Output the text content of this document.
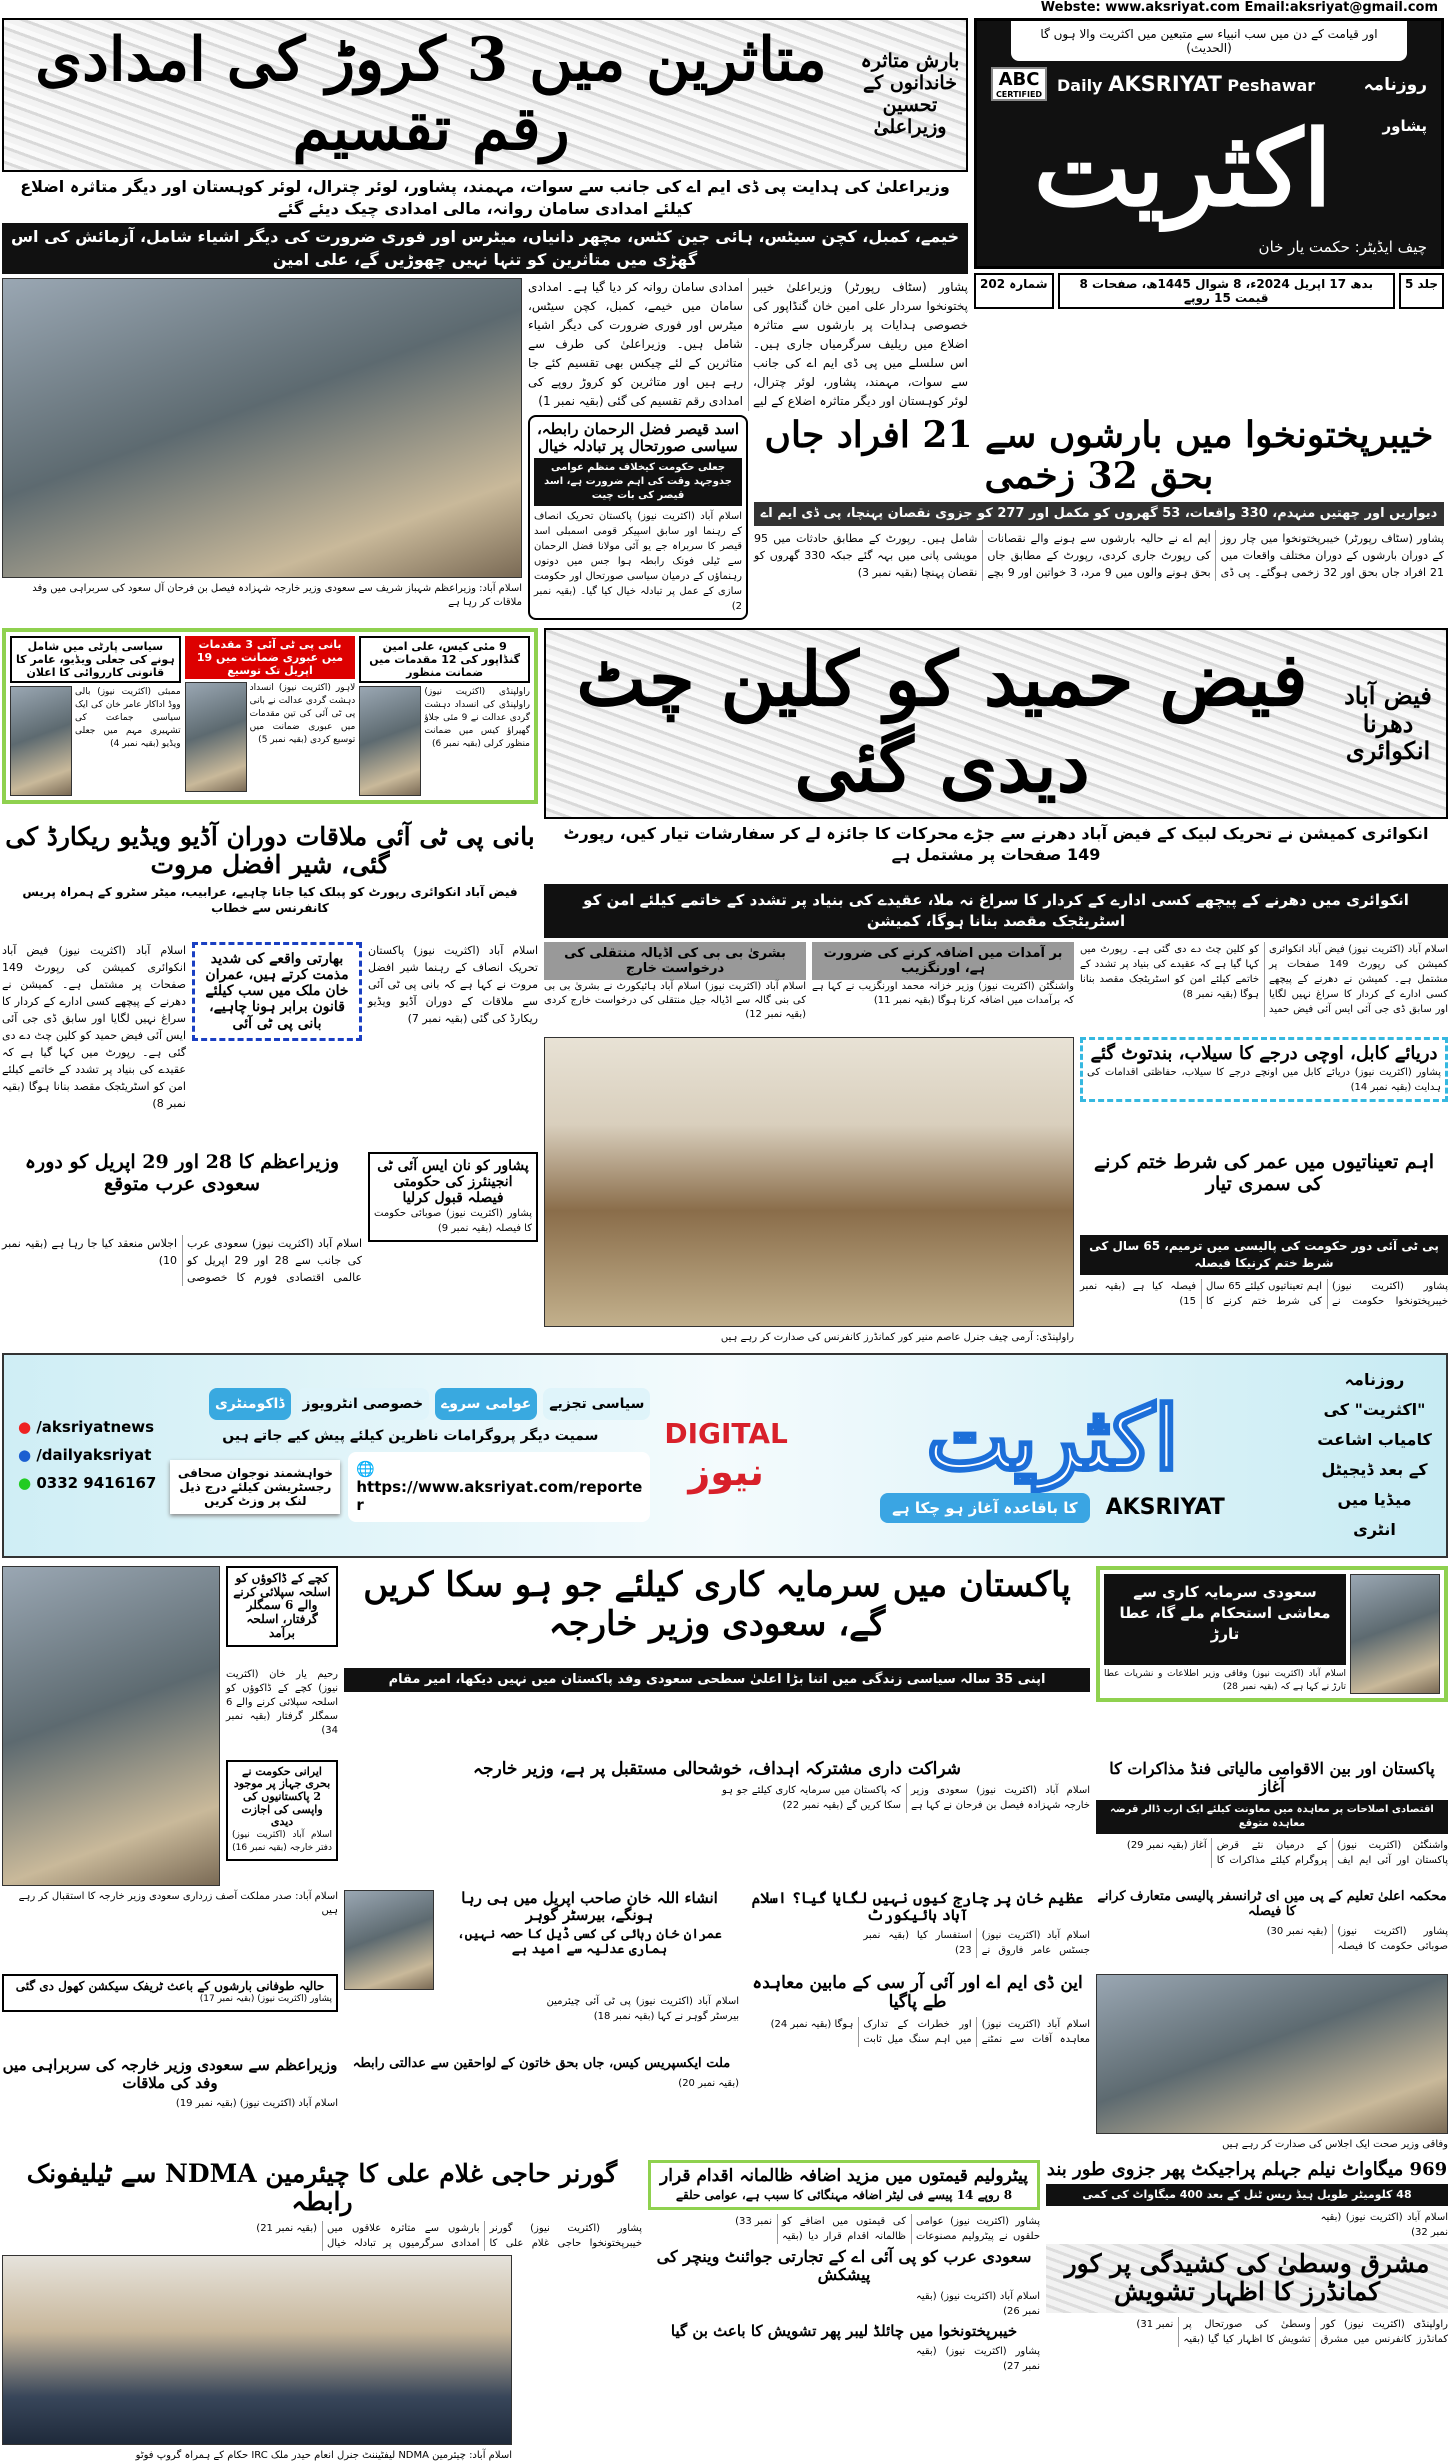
Webste: www.aksriyat.com Email:aksriyat@gmail.com
بارش متاثرہ خاندانوں کے تحسین وزیراعلیٰ
متاثرین میں 3 کروڑ کی امدادی رقم تقسیم
وزیراعلیٰ کی ہدایت پی ڈی ایم اے کی جانب سے سوات، مہمند، پشاور، لوئر چترال، لوئر کوہستان اور دیگر متاثرہ اضلاع کیلئے امدادی سامان روانہ، مالی امدادی چیک دیئے گئے
خیمے، کمبل، کچن سیٹس، ہائی جین کٹس، مچھر دانیاں، میٹرس اور فوری ضرورت کی دیگر اشیاء شامل، آزمائش کی اس گھڑی میں متاثرین کو تنہا نہیں چھوڑیں گے، علی امین
اور قیامت کے دن میں سب انبیاء سے متبعین میں اکثریت والا ہوں گا (الحدیث)
ABC
CERTIFIED Daily AKSRIYAT Peshawar	روزنامہ
پشاور
اکثریت
چیف ایڈیٹر: حکمت یار خان
جلد 5
بدھ 17 اپریل 2024ء، 8 شوال 1445ھ، صفحات 8 قیمت 15 روپے
شمارہ 202
اسلام آباد: وزیراعظم شہباز شریف سے سعودی وزیر خارجہ شہزادہ فیصل بن فرحان آل سعود کی سربراہی میں وفد ملاقات کر رہا ہے
پشاور (سٹاف رپورٹر) وزیراعلیٰ خیبر پختونخوا سردار علی امین خان گنڈاپور کی خصوصی ہدایات پر بارشوں سے متاثرہ اضلاع میں ریلیف سرگرمیاں جاری ہیں۔ اس سلسلے میں پی ڈی ایم اے کی جانب سے سوات، مہمند، پشاور، لوئر چترال، لوئر کوہستان اور دیگر متاثرہ اضلاع کے لیے امدادی سامان روانہ کر دیا گیا ہے۔ امدادی سامان میں خیمے، کمبل، کچن سیٹس، میٹرس اور فوری ضرورت کی دیگر اشیاء شامل ہیں۔ وزیراعلیٰ کی طرف سے متاثرین کے لئے چیکس بھی تقسیم کئے جا رہے ہیں اور متاثرین کو کروڑ روپے کی امدادی رقم تقسیم کی گئی (بقیہ نمبر 1)
اسد قیصر فضل الرحمان رابطہ، سیاسی صورتحال پر تبادلہ خیال
جعلی حکومت کیخلاف منظم عوامی جدوجہد وقت کی اہم ضرورت ہے، اسد قیصر کی بات چیت
اسلام آباد (اکثریت نیوز) پاکستان تحریک انصاف کے رہنما اور سابق اسپیکر قومی اسمبلی اسد قیصر کا سربراہ جے یو آئی مولانا فضل الرحمان سے ٹیلی فونک رابطہ ہوا جس میں دونوں رہنماؤں کے درمیان سیاسی صورتحال اور حکومت سازی کے عمل پر تبادلہ خیال کیا گیا۔ (بقیہ نمبر 2)
خیبرپختونخوا میں بارشوں سے 21 افراد جاں بحق 32 زخمی
دیواریں اور چھتیں منہدم، 330 واقعات، 53 گھروں کو مکمل اور 277 کو جزوی نقصان پہنچا، پی ڈی ایم اے
پشاور (سٹاف رپورٹر) خیبرپختونخوا میں چار روز کے دوران بارشوں کے دوران مختلف واقعات میں 21 افراد جاں بحق اور 32 زخمی ہوگئے۔ پی ڈی ایم اے نے حالیہ بارشوں سے ہونے والے نقصانات کی رپورٹ جاری کردی، رپورٹ کے مطابق جاں بحق ہونے والوں میں 9 مرد، 3 خواتین اور 9 بچے شامل ہیں۔ رپورٹ کے مطابق حادثات میں 95 مویشی پانی میں بہہ گئے جبکہ 330 گھروں کو نقصان پہنچا (بقیہ نمبر 3)
9 مئی کیس، علی امین گنڈاپور کی 12 مقدمات میں ضمانت منظور
راولپنڈی (اکثریت نیوز) راولپنڈی کی انسداد دہشت گردی عدالت نے 9 مئی جلاؤ گھیراؤ کیس میں ضمانت منظور کرلی (بقیہ نمبر 6)
بانی پی ٹی آئی 3 مقدمات میں عبوری ضمانت میں 19 اپریل تک توسیع
لاہور (اکثریت نیوز) انسداد دہشت گردی عدالت نے بانی پی ٹی آئی کی تین مقدمات میں عبوری ضمانت میں توسیع کردی (بقیہ نمبر 5)
سیاسی پارٹی میں شامل ہونے کی جعلی ویڈیو، عامر کا قانونی کارروائی کا اعلان
ممبئی (اکثریت نیوز) بالی ووڈ اداکار عامر خان کی ایک سیاسی جماعت کی تشہیری مہم میں جعلی ویڈیو (بقیہ نمبر 4)
فیض آباد دھرنا انکوائری
فیض حمید کو کلین چٹ دیدی گئی
بانی پی ٹی آئی ملاقات دوران آڈیو ویڈیو ریکارڈ کی گئی، شیر افضل مروت
انکوائری کمیشن نے تحریک لبیک کے فیض آباد دھرنے سے جڑے محرکات کا جائزہ لے کر سفارشات تیار کیں، رپورٹ 149 صفحات پر مشتمل ہے
فیض آباد انکوائری رپورٹ کو پبلک کیا جانا چاہیے، عرابیب، میٹر سٹرو کے ہمراہ پریس کانفرنس سے خطاب	انکوائری میں دھرنے کے پیچھے کسی ادارے کے کردار کا سراغ نہ ملا، عقیدے کی بنیاد پر تشدد کے خاتمے کیلئے امن کو اسٹریٹجک مقصد بنانا ہوگا، کمیشن
اسلام آباد (اکثریت نیوز) فیض آباد انکوائری کمیشن کی رپورٹ 149 صفحات پر مشتمل ہے۔ کمیشن نے دھرنے کے پیچھے کسی ادارے کے کردار کا سراغ نہیں لگایا اور سابق ڈی جی آئی ایس آئی فیض حمید کو کلین چٹ دے دی گئی ہے۔ رپورٹ میں کہا گیا ہے کہ عقیدے کی بنیاد پر تشدد کے خاتمے کیلئے امن کو اسٹریٹجک مقصد بنانا ہوگا (بقیہ نمبر 8)
بھارتی واقعے کی شدید مذمت کرتے ہیں، عمران خان ملک میں سب کیلئے قانون برابر ہونا چاہیے، بانی پی ٹی آئی
اسلام آباد (اکثریت نیوز) پاکستان تحریک انصاف کے رہنما شیر افضل مروت نے کہا ہے کہ بانی پی ٹی آئی سے ملاقات کے دوران آڈیو ویڈیو ریکارڈ کی گئی (بقیہ نمبر 7)
بشریٰ بی بی کی اڈیالہ منتقلی کی درخواست خارج
اسلام آباد (اکثریت نیوز) اسلام آباد ہائیکورٹ نے بشریٰ بی بی کی بنی گالہ سے اڈیالہ جیل منتقلی کی درخواست خارج کردی (بقیہ نمبر 12)
بر آمدات میں اضافہ کرنے کی ضرورت ہے، اورنگزیب
واشنگٹن (اکثریت نیوز) وزیر خزانہ محمد اورنگزیب نے کہا ہے کہ برآمدات میں اضافہ کرنا ہوگا (بقیہ نمبر 11)
اسلام آباد (اکثریت نیوز) فیض آباد انکوائری کمیشن کی رپورٹ 149 صفحات پر مشتمل ہے۔ کمیشن نے دھرنے کے پیچھے کسی ادارے کے کردار کا سراغ نہیں لگایا اور سابق ڈی جی آئی ایس آئی فیض حمید کو کلین چٹ دے دی گئی ہے۔ رپورٹ میں کہا گیا ہے کہ عقیدے کی بنیاد پر تشدد کے خاتمے کیلئے امن کو اسٹریٹجک مقصد بنانا ہوگا (بقیہ نمبر 8)
راولپنڈی: آرمی چیف جنرل عاصم منیر کور کمانڈرز کانفرنس کی صدارت کر رہے ہیں
دریائے کابل، اوچی درجے کا سیلاب، بندتوٹ گئے
پشاور (اکثریت نیوز) دریائے کابل میں اونچے درجے کا سیلاب، حفاظتی اقدامات کی ہدایت (بقیہ نمبر 14)
وزیراعظم کا 28 اور 29 اپریل کو دورہ سعودی عرب متوقع
اسلام آباد (اکثریت نیوز) سعودی عرب کی جانب سے 28 اور 29 اپریل کو عالمی اقتصادی فورم کا خصوصی اجلاس منعقد کیا جا رہا ہے (بقیہ نمبر 10)
پشاور کو نان ایس آئی ٹی انجینئرز کی حکومتی فیصلہ قبول کرلیا
پشاور (اکثریت نیوز) صوبائی حکومت کا فیصلہ (بقیہ نمبر 9)
اہم تعیناتیوں میں عمر کی شرط ختم کرنے کی سمری تیار
پی ٹی آئی دور حکومت کی پالیسی میں ترمیم، 65 سال کی شرط ختم کرنیکا فیصلہ
پشاور (اکثریت نیوز) خیبرپختونخوا حکومت نے اہم تعیناتیوں کیلئے 65 سال کی شرط ختم کرنے کا فیصلہ کیا ہے (بقیہ نمبر 15)
● /aksriyatnews
● /dailyaksriyat
● 0332 9416167
سیاسی تجزیے
عوامی سروے
خصوصی انٹرویوز
ڈاکومنٹری
سمیت دیگر پروگرامات ناظرین کیلئے پیش کیے جاتے ہیں
خواہشمند نوجوان صحافی رجسٹریشن کیلئے درج ذیل لنک پر وزٹ کریں
🌐 https://www.aksriyat.com/reporter
DIGITAL
نیوز اکثریت
کا باقاعدہ آغاز ہو چکا ہے	AKSRIYAT
روزنامہ "اکثریت" کی کامیاب اشاعت کے بعد ڈیجیٹل میڈیا میں انٹری
کچے کے ڈاکوؤں کو اسلحہ سپلائی کرنے والے 6 سمگلر گرفتار، اسلحہ برآمد
رحیم یار خان (اکثریت نیوز) کچے کے ڈاکوؤں کو اسلحہ سپلائی کرنے والے 6 سمگلر گرفتار (بقیہ نمبر 34)
ایرانی حکومت نے بحری جہاز پر موجود 2 پاکستانیوں کی واپسی کی اجازت دیدی
اسلام آباد (اکثریت نیوز) دفتر خارجہ (بقیہ نمبر 16)
پاکستان میں سرمایہ کاری کیلئے جو ہو سکا کریں گے، سعودی وزیر خارجہ
اپنی 35 سالہ سیاسی زندگی میں اتنا بڑا اعلیٰ سطحی سعودی وفد پاکستان میں نہیں دیکھا، امیر مقام
شراکت داری مشترکہ اہداف، خوشحالی مستقبل پر ہے، وزیر خارجہ
اسلام آباد (اکثریت نیوز) سعودی وزیر خارجہ شہزادہ فیصل بن فرحان نے کہا ہے کہ پاکستان میں سرمایہ کاری کیلئے جو ہو سکا کریں گے (بقیہ نمبر 22)
سعودی سرمایہ کاری سے معاشی استحکام ملے گا، عطا تارڑ
اسلام آباد (اکثریت نیوز) وفاقی وزیر اطلاعات و نشریات عطا تارڑ نے کہا ہے کہ (بقیہ نمبر 28)
پاکستان اور بین الاقوامی مالیاتی فنڈ مذاکرات کا آغاز
اقتصادی اصلاحات پر معاہدہ میں معاونت کیلئے ایک ارب ڈالر قرضہ معاہدہ متوقع
واشنگٹن (اکثریت نیوز) پاکستان اور آئی ایم ایف کے درمیان نئے قرض پروگرام کیلئے مذاکرات کا آغاز (بقیہ نمبر 29)
اسلام آباد: صدر مملکت آصف زرداری سعودی وزیر خارجہ کا استقبال کر رہے ہیں
انشاء اللہ خان صاحب اپریل میں ہی رہا ہونگے، بیرسٹر گوہر
عمران خان رہائی کی کسی ڈیل کا حصہ نہیں، ہماری عدلیہ سے امید ہے
اسلام آباد (اکثریت نیوز) پی ٹی آئی چیئرمین بیرسٹر گوہر نے کہا (بقیہ نمبر 18)
عظیم خان پر چارج کیوں نہیں لگایا گیا؟ اسلام آباد ہائیکورٹ
اسلام آباد (اکثریت نیوز) جسٹس عامر فاروق نے استفسار کیا (بقیہ نمبر 23)
محکمہ اعلیٰ تعلیم کے پی میں ای ٹرانسفر پالیسی متعارف کرانے کا فیصلہ
پشاور (اکثریت نیوز) صوبائی حکومت کا فیصلہ (بقیہ نمبر 30)
حالیہ طوفانی بارشوں کے باعث ٹریفک سیکشن کھول دی گئی
پشاور (اکثریت نیوز) (بقیہ نمبر 17)
این ڈی ایم اے اور آئی آر سی کے مابین معاہدہ طے پاگیا
اسلام آباد (اکثریت نیوز) معاہدہ آفات سے نمٹنے اور خطرات کے تدارک میں اہم سنگ میل ثابت ہوگا (بقیہ نمبر 24)
وفاقی وزیر صحت ایک اجلاس کی صدارت کر رہے ہیں
وزیراعظم سے سعودی وزیر خارجہ کی سربراہی میں وفد کی ملاقات
اسلام آباد (اکثریت نیوز) (بقیہ نمبر 19)
ملت ایکسپریس کیس، جاں بحق خاتون کے لواحقین سے عدالتی رابطہ
(بقیہ نمبر 20)
گورنر حاجی غلام علی کا چیئرمین NDMA سے ٹیلیفونک رابطہ
پشاور (اکثریت نیوز) گورنر خیبرپختونخوا حاجی غلام علی کا بارشوں سے متاثرہ علاقوں میں امدادی سرگرمیوں پر تبادلہ خیال (بقیہ نمبر 21)
اسلام آباد: چیئرمین NDMA لیفٹیننٹ جنرل انعام حیدر ملک IRC حکام کے ہمراہ گروپ فوٹو
پیٹرولیم قیمتوں میں مزید اضافہ ظالمانہ اقدام قرار
8 روپے 14 پیسے فی لیٹر اضافہ مہنگائی کا سبب ہے، عوامی حلقے
پشاور (اکثریت نیوز) عوامی حلقوں نے پیٹرولیم مصنوعات کی قیمتوں میں اضافے کو ظالمانہ اقدام قرار دیا (بقیہ نمبر 33)
سعودی عرب کو پی آئی اے کے تجارتی جوائنٹ وینچر کی پیشکش
اسلام آباد (اکثریت نیوز) (بقیہ نمبر 26)
خیبرپختونخوا میں چائلڈ لیبر پھر تشویش کا باعث بن گیا
پشاور (اکثریت نیوز) (بقیہ نمبر 27)
969 میگاواٹ نیلم جہلم پراجیکٹ پھر جزوی طور بند
48 کلومیٹر طویل ہیڈ ریس ٹنل کے بعد 400 میگاواٹ کی کمی
اسلام آباد (اکثریت نیوز) (بقیہ نمبر 32)
مشرق وسطیٰ کی کشیدگی پر کور کمانڈرز کا اظہار تشویش
راولپنڈی (اکثریت نیوز) کور کمانڈرز کانفرنس میں مشرق وسطیٰ کی صورتحال پر تشویش کا اظہار کیا گیا (بقیہ نمبر 31)
